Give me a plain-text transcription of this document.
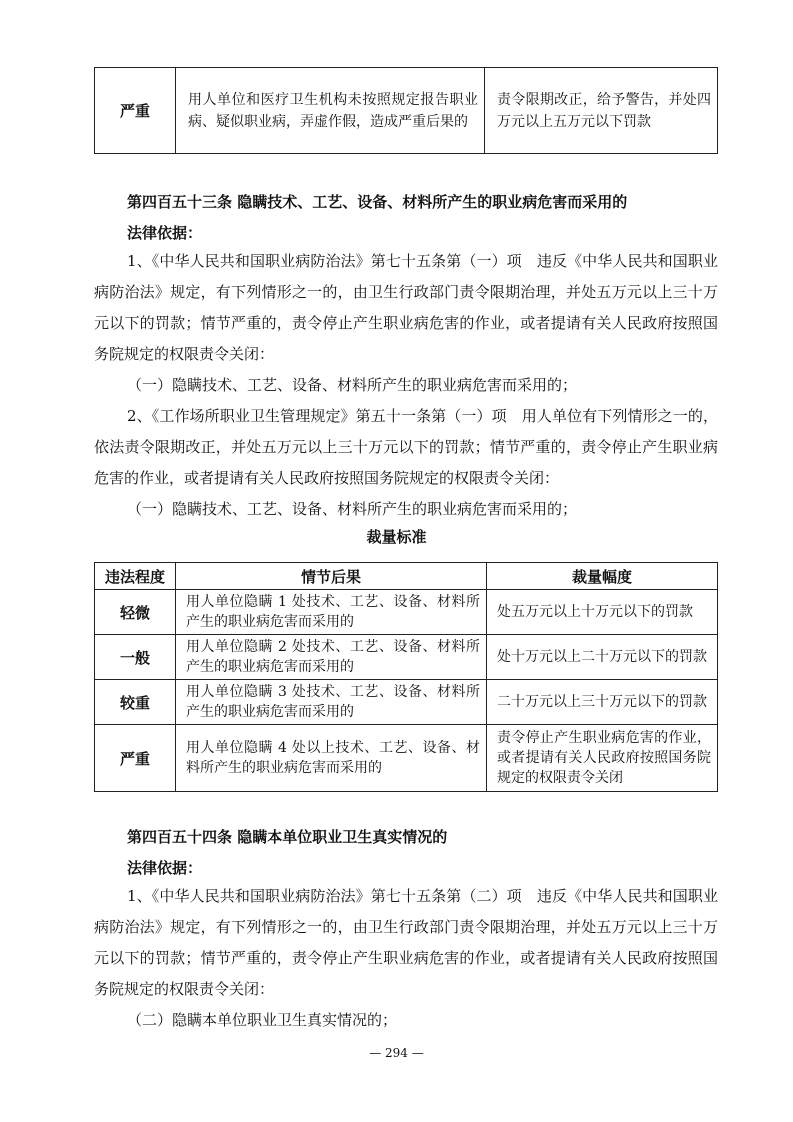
严重	用人单位和医疗卫生机构未按照规定报告职业病、疑似职业病，弄虚作假，造成严重后果的	责令限期改正，给予警告，并处四万元以上五万元以下罚款
第四百五十三条 隐瞒技术、工艺、设备、材料所产生的职业病危害而采用的
法律依据：
1、《中华人民共和国职业病防治法》第七十五条第（一）项　违反《中华人民共和国职业病防治法》规定，有下列情形之一的，由卫生行政部门责令限期治理，并处五万元以上三十万元以下的罚款；情节严重的，责令停止产生职业病危害的作业，或者提请有关人民政府按照国务院规定的权限责令关闭：
（一）隐瞒技术、工艺、设备、材料所产生的职业病危害而采用的；
2、《工作场所职业卫生管理规定》第五十一条第（一）项　用人单位有下列情形之一的，依法责令限期改正，并处五万元以上三十万元以下的罚款；情节严重的，责令停止产生职业病危害的作业，或者提请有关人民政府按照国务院规定的权限责令关闭：
（一）隐瞒技术、工艺、设备、材料所产生的职业病危害而采用的；
裁量标准
违法程度	情节后果	裁量幅度
轻微	用人单位隐瞒 1 处技术、工艺、设备、材料所产生的职业病危害而采用的	处五万元以上十万元以下的罚款
一般	用人单位隐瞒 2 处技术、工艺、设备、材料所产生的职业病危害而采用的	处十万元以上二十万元以下的罚款
较重	用人单位隐瞒 3 处技术、工艺、设备、材料所产生的职业病危害而采用的	二十万元以上三十万元以下的罚款
严重	用人单位隐瞒 4 处以上技术、工艺、设备、材料所产生的职业病危害而采用的	责令停止产生职业病危害的作业，或者提请有关人民政府按照国务院规定的权限责令关闭
第四百五十四条 隐瞒本单位职业卫生真实情况的
法律依据：
1、《中华人民共和国职业病防治法》第七十五条第（二）项　违反《中华人民共和国职业病防治法》规定，有下列情形之一的，由卫生行政部门责令限期治理，并处五万元以上三十万元以下的罚款；情节严重的，责令停止产生职业病危害的作业，或者提请有关人民政府按照国务院规定的权限责令关闭：
（二）隐瞒本单位职业卫生真实情况的；
— 294 —
